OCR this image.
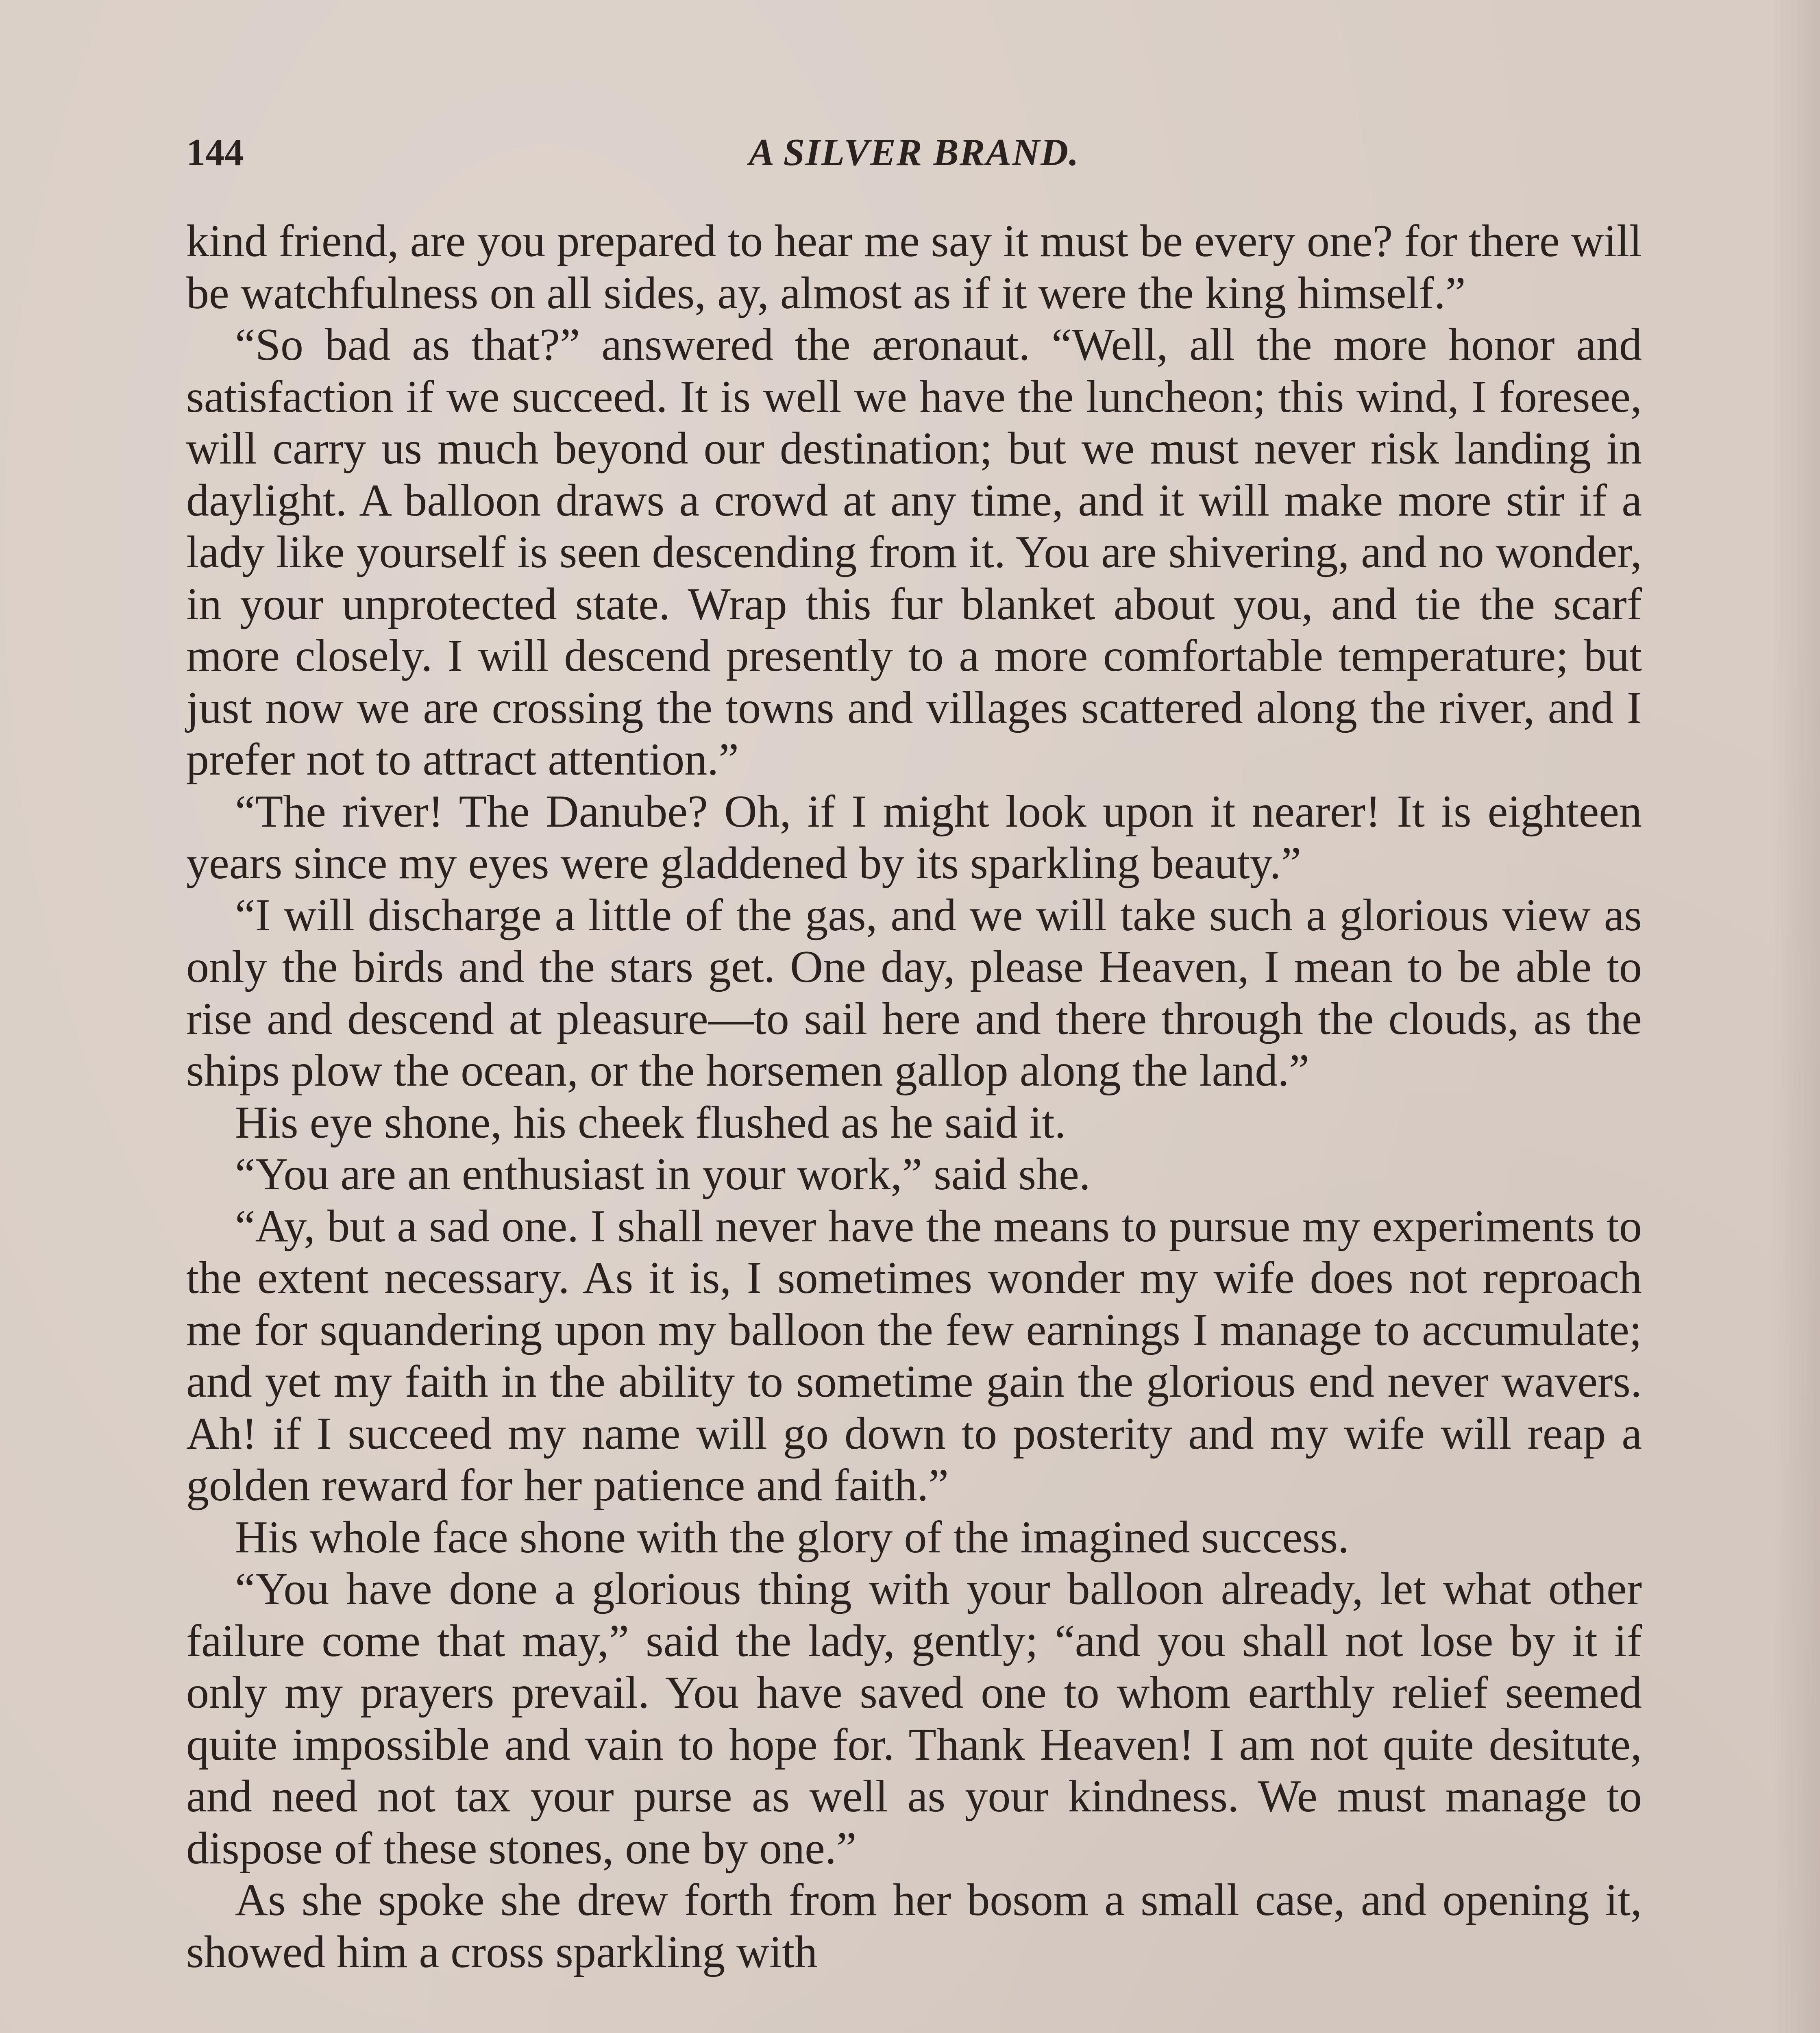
144	A SILVER BRAND.

kind friend, are you prepared to hear me say it must be every one? for there will be watchfulness on all sides, ay, almost as if it were the king himself.”

“So bad as that?” answered the æronaut. “Well, all the more honor and satisfaction if we succeed. It is well we have the luncheon; this wind, I foresee, will carry us much beyond our destination; but we must never risk landing in daylight. A balloon draws a crowd at any time, and it will make more stir if a lady like yourself is seen descending from it. You are shivering, and no wonder, in your unprotected state. Wrap this fur blanket about you, and tie the scarf more closely. I will descend presently to a more comfortable temperature; but just now we are crossing the towns and villages scattered along the river, and I prefer not to attract attention.”

“The river! The Danube? Oh, if I might look upon it nearer! It is eighteen years since my eyes were gladdened by its sparkling beauty.”

“I will discharge a little of the gas, and we will take such a glorious view as only the birds and the stars get. One day, please Heaven, I mean to be able to rise and descend at pleasure—to sail here and there through the clouds, as the ships plow the ocean, or the horsemen gallop along the land.”

His eye shone, his cheek flushed as he said it.

“You are an enthusiast in your work,” said she.

“Ay, but a sad one. I shall never have the means to pursue my experiments to the extent necessary. As it is, I sometimes wonder my wife does not reproach me for squandering upon my balloon the few earnings I manage to accumulate; and yet my faith in the ability to sometime gain the glorious end never wavers. Ah! if I succeed my name will go down to posterity and my wife will reap a golden reward for her patience and faith.”

His whole face shone with the glory of the imagined success.

“You have done a glorious thing with your balloon already, let what other failure come that may,” said the lady, gently; “and you shall not lose by it if only my prayers prevail. You have saved one to whom earthly relief seemed quite impossible and vain to hope for. Thank Heaven! I am not quite desitute, and need not tax your purse as well as your kindness. We must manage to dispose of these stones, one by one.”

As she spoke she drew forth from her bosom a small case, and opening it, showed him a cross sparkling with
